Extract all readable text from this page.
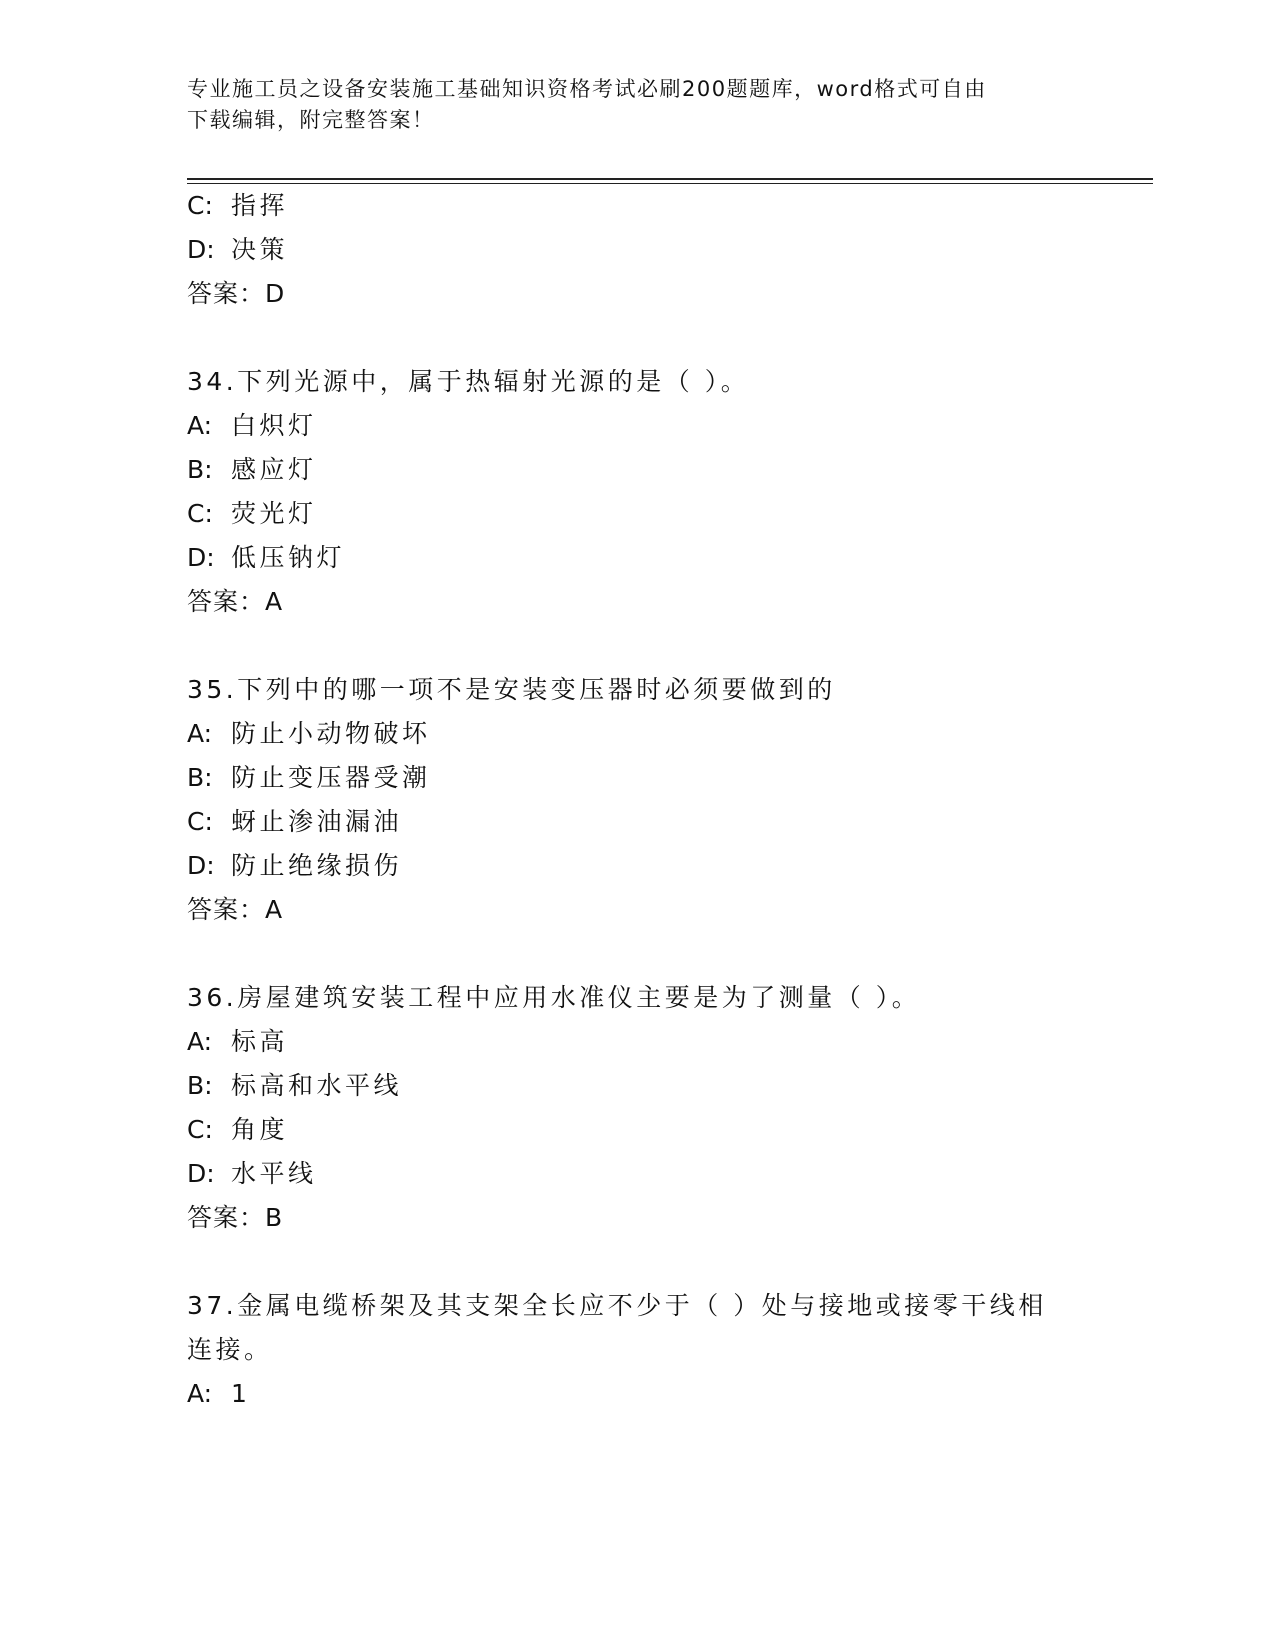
专业施工员之设备安装施工基础知识资格考试必刷200题题库，word格式可自由
下载编辑，附完整答案！
C: 指挥
D: 决策
答案：D
34.下列光源中，属于热辐射光源的是（ ）。
A: 白炽灯
B: 感应灯
C: 荧光灯
D: 低压钠灯
答案：A
35.下列中的哪一项不是安装变压器时必须要做到的
A: 防止小动物破坏
B: 防止变压器受潮
C: 蚜止渗油漏油
D: 防止绝缘损伤
答案：A
36.房屋建筑安装工程中应用水准仪主要是为了测量（ ）。
A: 标高
B: 标高和水平线
C: 角度
D: 水平线
答案：B
37.金属电缆桥架及其支架全长应不少于（ ）处与接地或接零干线相
连接。
A: 1
